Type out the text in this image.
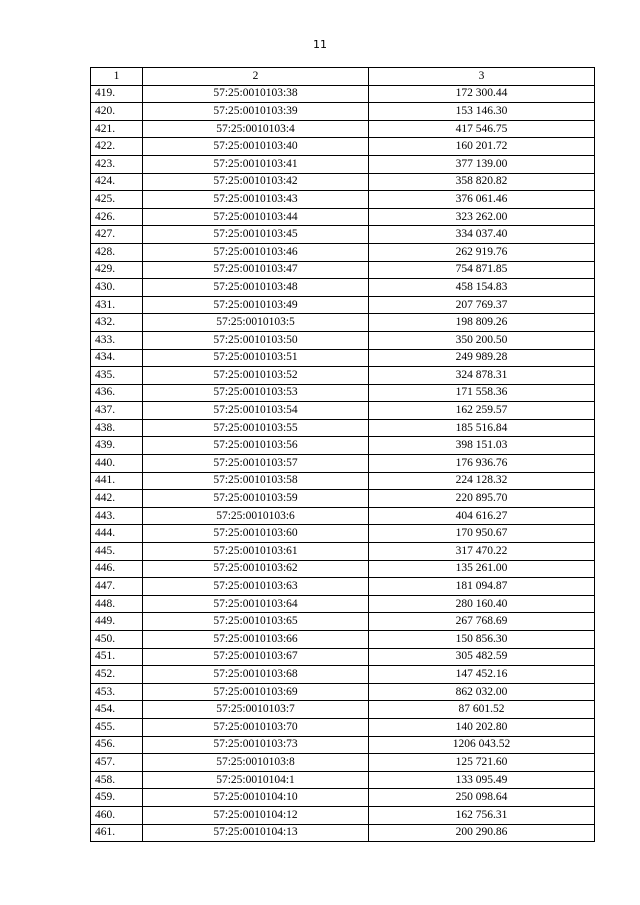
11
1	2	3
419.	57:25:0010103:38	172 300.44
420.	57:25:0010103:39	153 146.30
421.	57:25:0010103:4	417 546.75
422.	57:25:0010103:40	160 201.72
423.	57:25:0010103:41	377 139.00
424.	57:25:0010103:42	358 820.82
425.	57:25:0010103:43	376 061.46
426.	57:25:0010103:44	323 262.00
427.	57:25:0010103:45	334 037.40
428.	57:25:0010103:46	262 919.76
429.	57:25:0010103:47	754 871.85
430.	57:25:0010103:48	458 154.83
431.	57:25:0010103:49	207 769.37
432.	57:25:0010103:5	198 809.26
433.	57:25:0010103:50	350 200.50
434.	57:25:0010103:51	249 989.28
435.	57:25:0010103:52	324 878.31
436.	57:25:0010103:53	171 558.36
437.	57:25:0010103:54	162 259.57
438.	57:25:0010103:55	185 516.84
439.	57:25:0010103:56	398 151.03
440.	57:25:0010103:57	176 936.76
441.	57:25:0010103:58	224 128.32
442.	57:25:0010103:59	220 895.70
443.	57:25:0010103:6	404 616.27
444.	57:25:0010103:60	170 950.67
445.	57:25:0010103:61	317 470.22
446.	57:25:0010103:62	135 261.00
447.	57:25:0010103:63	181 094.87
448.	57:25:0010103:64	280 160.40
449.	57:25:0010103:65	267 768.69
450.	57:25:0010103:66	150 856.30
451.	57:25:0010103:67	305 482.59
452.	57:25:0010103:68	147 452.16
453.	57:25:0010103:69	862 032.00
454.	57:25:0010103:7	87 601.52
455.	57:25:0010103:70	140 202.80
456.	57:25:0010103:73	1206 043.52
457.	57:25:0010103:8	125 721.60
458.	57:25:0010104:1	133 095.49
459.	57:25:0010104:10	250 098.64
460.	57:25:0010104:12	162 756.31
461.	57:25:0010104:13	200 290.86
